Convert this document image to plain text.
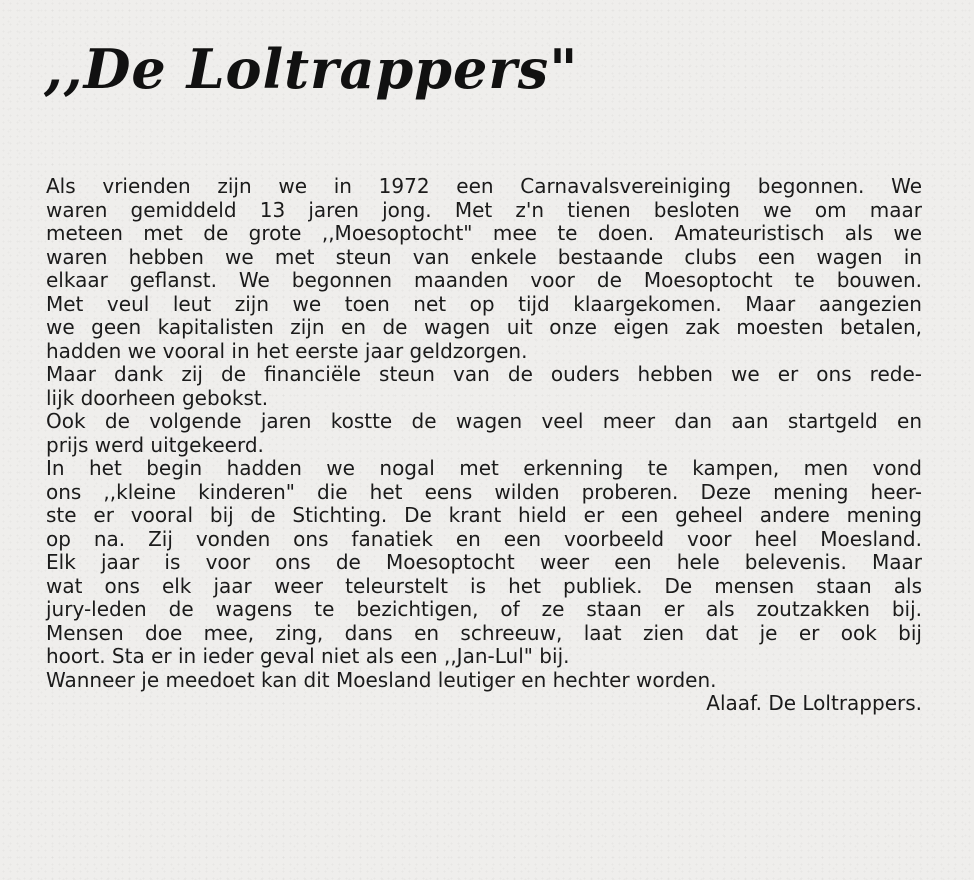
,,De Loltrappers"
Als vrienden zijn we in 1972 een Carnavalsvereiniging begonnen. We
waren gemiddeld 13 jaren jong. Met z'n tienen besloten we om maar
meteen met de grote ,,Moesoptocht" mee te doen. Amateuristisch als we
waren hebben we met steun van enkele bestaande clubs een wagen in
elkaar geflanst. We begonnen maanden voor de Moesoptocht te bouwen.
Met veul leut zijn we toen net op tijd klaargekomen. Maar aangezien
we geen kapitalisten zijn en de wagen uit onze eigen zak moesten betalen,
hadden we vooral in het eerste jaar geldzorgen.
Maar dank zij de financiële steun van de ouders hebben we er ons rede-
lijk doorheen gebokst.
Ook de volgende jaren kostte de wagen veel meer dan aan startgeld en
prijs werd uitgekeerd.
In het begin hadden we nogal met erkenning te kampen, men vond
ons ,,kleine kinderen" die het eens wilden proberen. Deze mening heer-
ste er vooral bij de Stichting. De krant hield er een geheel andere mening
op na. Zij vonden ons fanatiek en een voorbeeld voor heel Moesland.
Elk jaar is voor ons de Moesoptocht weer een hele belevenis. Maar
wat ons elk jaar weer teleurstelt is het publiek. De mensen staan als
jury-leden de wagens te bezichtigen, of ze staan er als zoutzakken bij.
Mensen doe mee, zing, dans en schreeuw, laat zien dat je er ook bij
hoort. Sta er in ieder geval niet als een ,,Jan-Lul" bij.
Wanneer je meedoet kan dit Moesland leutiger en hechter worden.
Alaaf. De Loltrappers.
